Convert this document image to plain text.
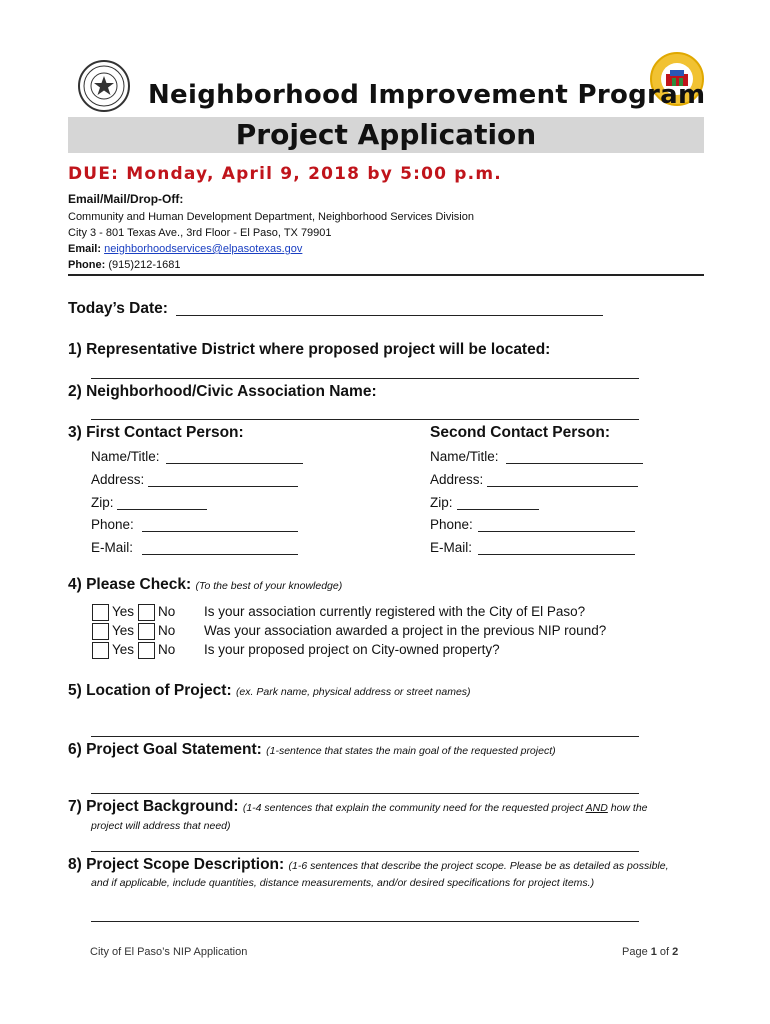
Neighborhood Improvement Program
Project Application
DUE: Monday, April 9, 2018 by 5:00 p.m.
Email/Mail/Drop-Off:
Community and Human Development Department, Neighborhood Services Division
City 3 - 801 Texas Ave., 3rd Floor - El Paso, TX 79901
Email: neighborhoodservices@elpasotexas.gov
Phone: (915)212-1681
Today’s Date:
1) Representative District where proposed project will be located:
2) Neighborhood/Civic Association Name:
3) First Contact Person:	Second Contact Person:
Name/Title:
Address:
Zip:
Phone:
E-Mail:
Name/Title:
Address:
Zip:
Phone:
E-Mail:
4) Please Check: (To the best of your knowledge)
Yes No Is your association currently registered with the City of El Paso?
Yes No Was your association awarded a project in the previous NIP round?
Yes No Is your proposed project on City-owned property?
5) Location of Project: (ex. Park name, physical address or street names)
6) Project Goal Statement: (1-sentence that states the main goal of the requested project)
7) Project Background: (1-4 sentences that explain the community need for the requested project AND how the
project will address that need)
8) Project Scope Description: (1-6 sentences that describe the project scope. Please be as detailed as possible,
and if applicable, include quantities, distance measurements, and/or desired specifications for project items.)
City of El Paso’s NIP Application	Page 1 of 2
